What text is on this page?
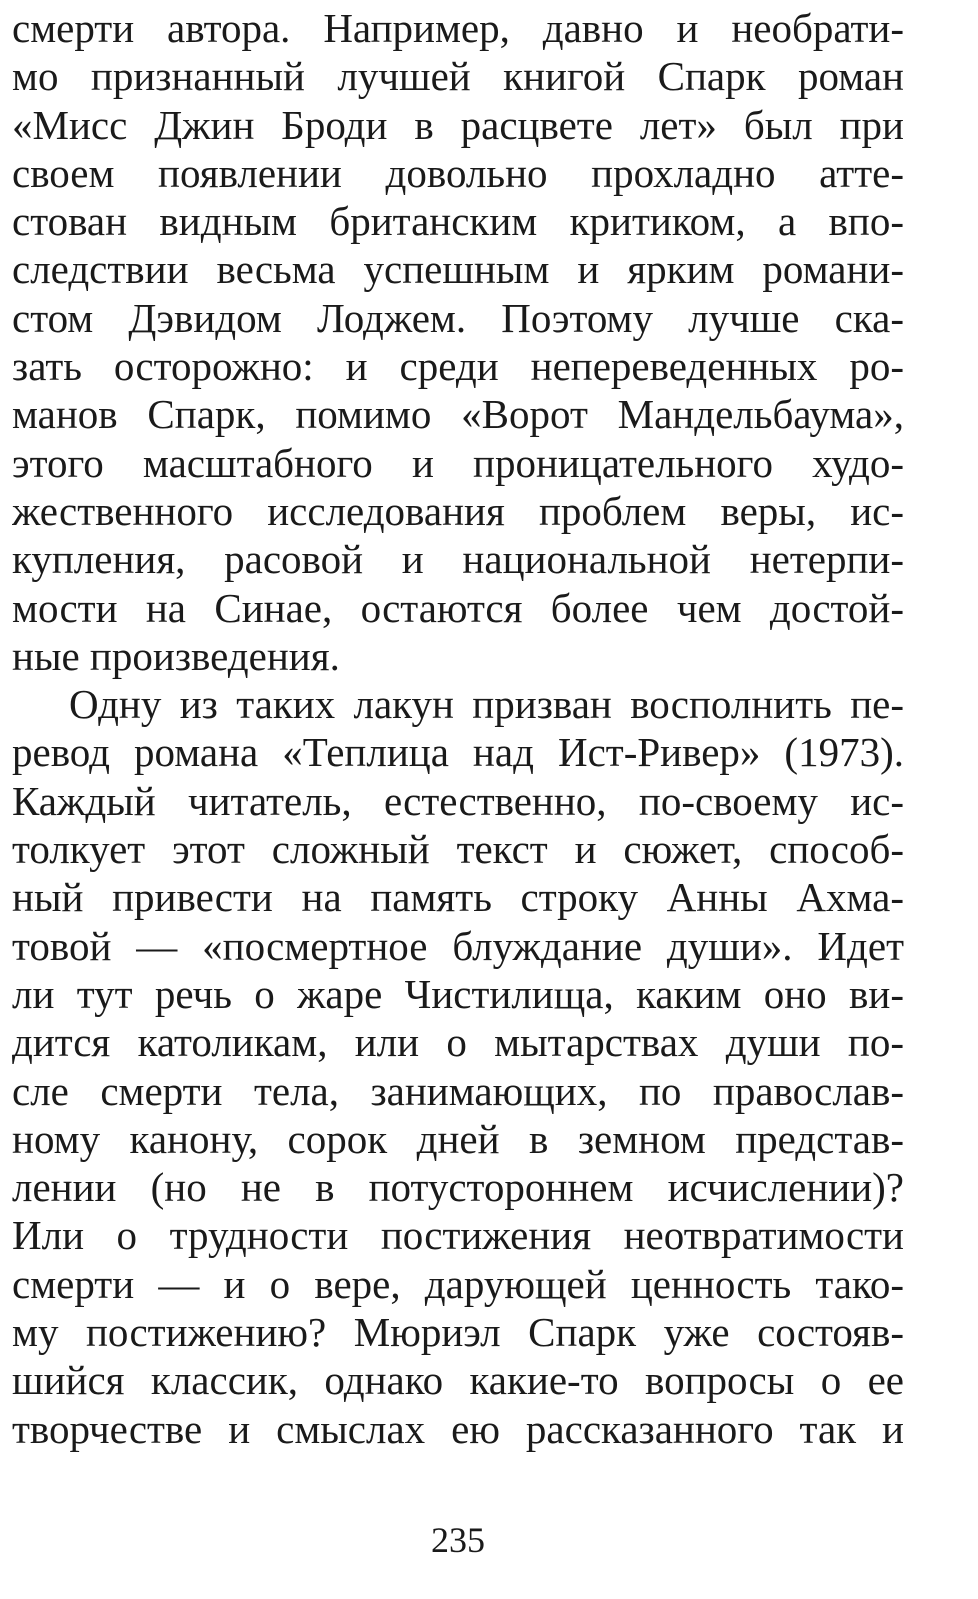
смерти автора. Например, давно и необрати-
мо признанный лучшей книгой Спарк роман
«Мисс Джин Броди в расцвете лет» был при
своем появлении довольно прохладно атте-
стован видным британским критиком, а впо-
следствии весьма успешным и ярким романи-
стом Дэвидом Лоджем. Поэтому лучше ска-
зать осторожно: и среди непереведенных ро-
манов Спарк, помимо «Ворот Мандельбаума»,
этого масштабного и проницательного худо-
жественного исследования проблем веры, ис-
купления, расовой и национальной нетерпи-
мости на Синае, остаются более чем достой-
ные произведения.
Одну из таких лакун призван восполнить пе-
ревод романа «Теплица над Ист-Ривер» (1973).
Каждый читатель, естественно, по-своему ис-
толкует этот сложный текст и сюжет, способ-
ный привести на память строку Анны Ахма-
товой — «посмертное блуждание души». Идет
ли тут речь о жаре Чистилища, каким оно ви-
дится католикам, или о мытарствах души по-
сле смерти тела, занимающих, по православ-
ному канону, сорок дней в земном представ-
лении (но не в потустороннем исчислении)?
Или о трудности постижения неотвратимости
смерти — и о вере, дарующей ценность тако-
му постижению? Мюриэл Спарк уже состояв-
шийся классик, однако какие-то вопросы о ее
творчестве и смыслах ею рассказанного так и
235
